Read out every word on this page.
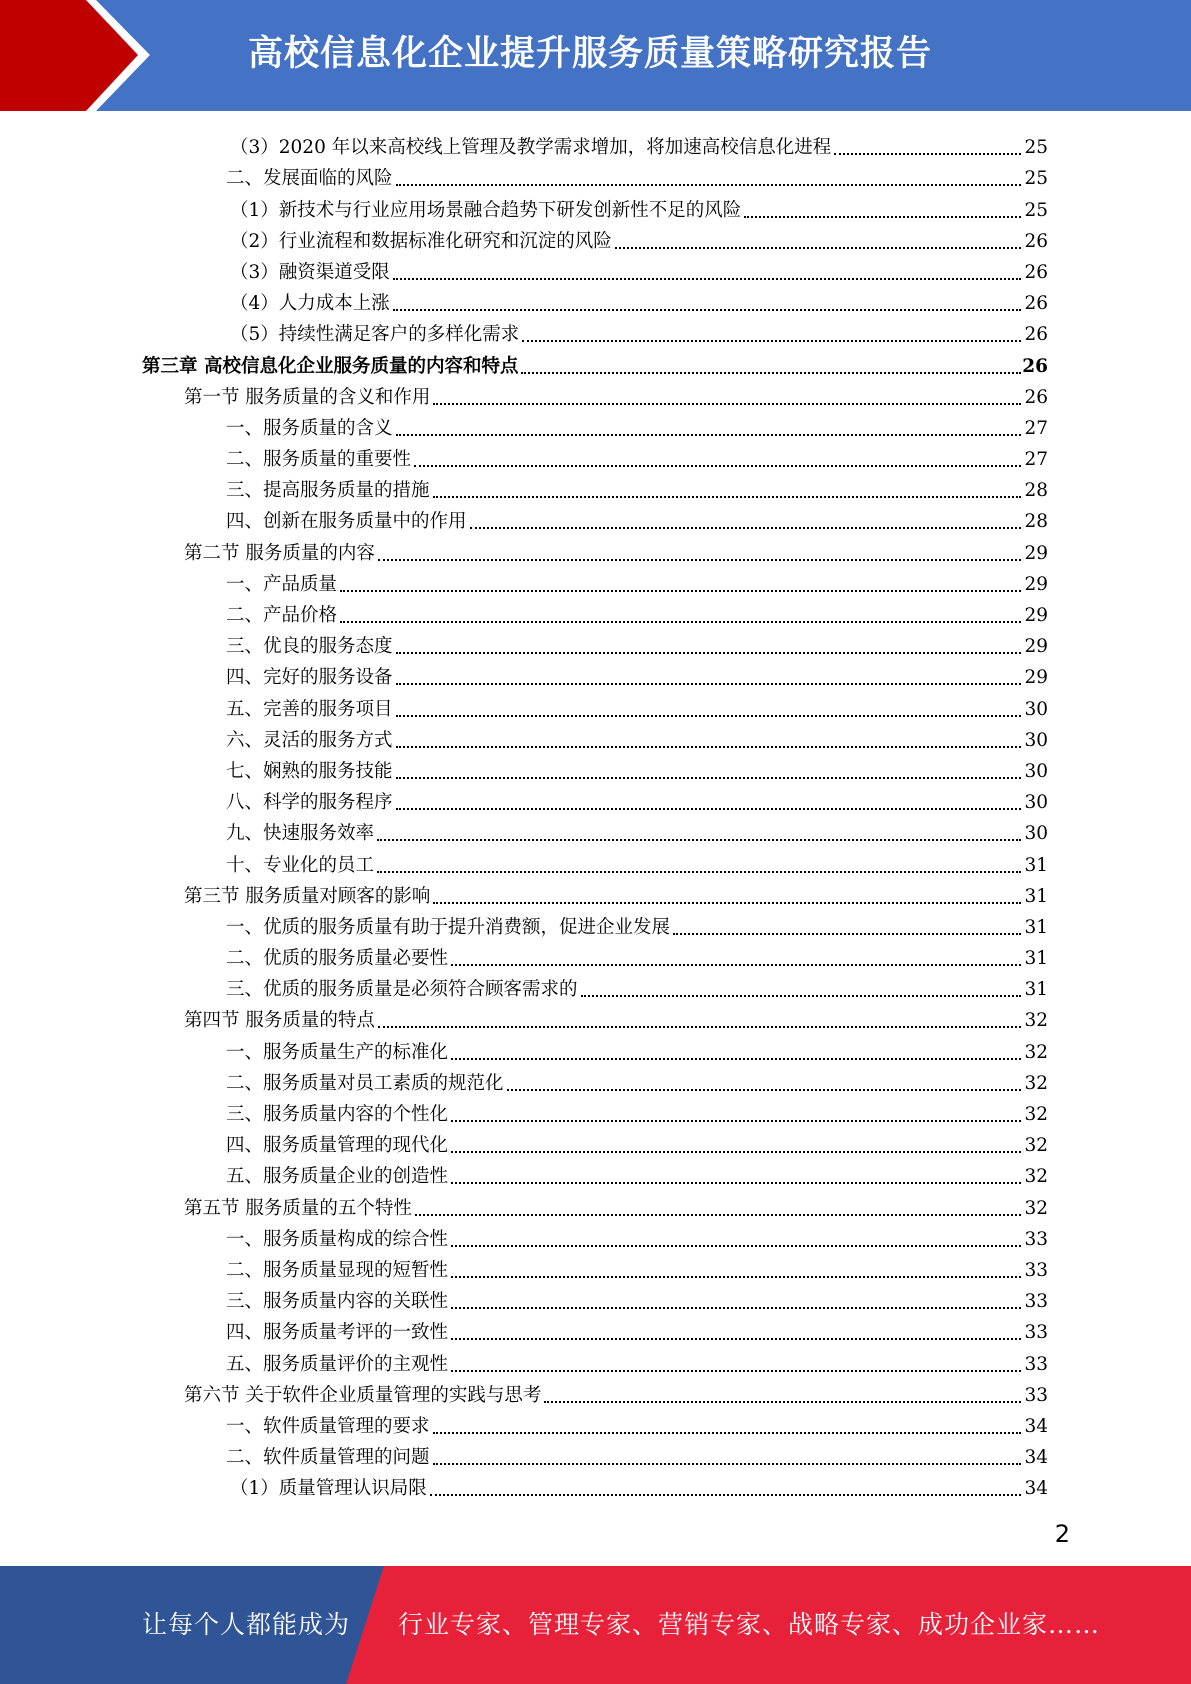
高校信息化企业提升服务质量策略研究报告
（3）2020 年以来高校线上管理及教学需求增加，将加速高校信息化进程	25
二、发展面临的风险	25
（1）新技术与行业应用场景融合趋势下研发创新性不足的风险	25
（2）行业流程和数据标准化研究和沉淀的风险	26
（3）融资渠道受限	26
（4）人力成本上涨	26
（5）持续性满足客户的多样化需求	26
第三章 高校信息化企业服务质量的内容和特点	26
第一节 服务质量的含义和作用	26
一、服务质量的含义	27
二、服务质量的重要性	27
三、提高服务质量的措施	28
四、创新在服务质量中的作用	28
第二节 服务质量的内容	29
一、产品质量	29
二、产品价格	29
三、优良的服务态度	29
四、完好的服务设备	29
五、完善的服务项目	30
六、灵活的服务方式	30
七、娴熟的服务技能	30
八、科学的服务程序	30
九、快速服务效率	30
十、专业化的员工	31
第三节 服务质量对顾客的影响	31
一、优质的服务质量有助于提升消费额，促进企业发展	31
二、优质的服务质量必要性	31
三、优质的服务质量是必须符合顾客需求的	31
第四节 服务质量的特点	32
一、服务质量生产的标准化	32
二、服务质量对员工素质的规范化	32
三、服务质量内容的个性化	32
四、服务质量管理的现代化	32
五、服务质量企业的创造性	32
第五节 服务质量的五个特性	32
一、服务质量构成的综合性	33
二、服务质量显现的短暂性	33
三、服务质量内容的关联性	33
四、服务质量考评的一致性	33
五、服务质量评价的主观性	33
第六节 关于软件企业质量管理的实践与思考	33
一、软件质量管理的要求	34
二、软件质量管理的问题	34
（1）质量管理认识局限	34
2
让每个人都能成为 行业专家、管理专家、营销专家、战略专家、成功企业家……
